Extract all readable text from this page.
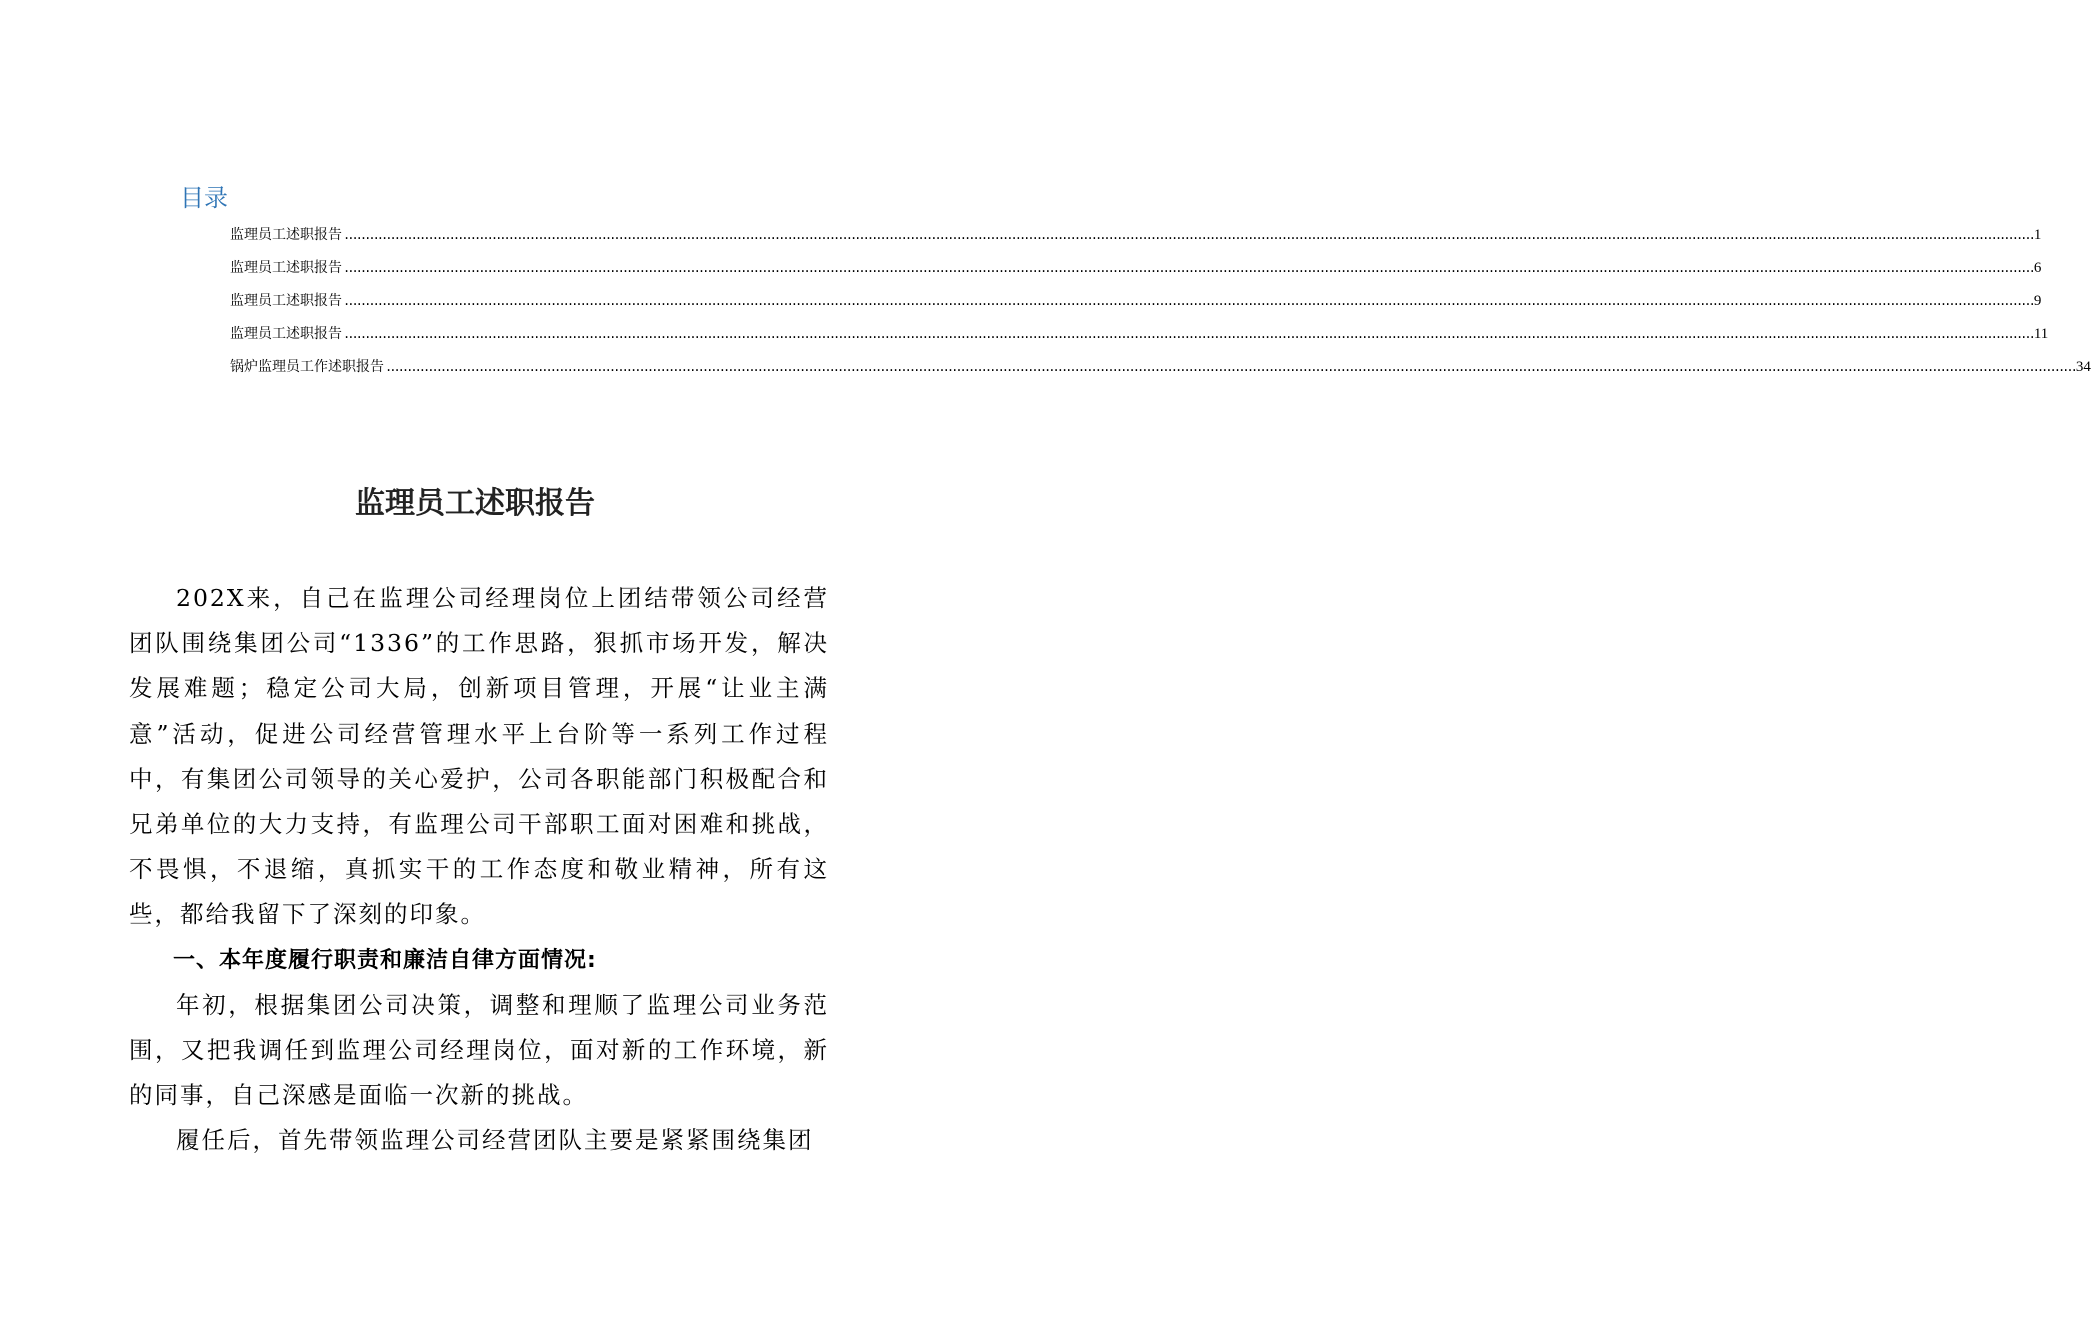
目录
监理员工述职报告 ................................................................................................................................................................................................................................................................................................................................................................................................................ 1
监理员工述职报告 ................................................................................................................................................................................................................................................................................................................................................................................................................ 6
监理员工述职报告 ................................................................................................................................................................................................................................................................................................................................................................................................................ 9
监理员工述职报告 ................................................................................................................................................................................................................................................................................................................................................................................................................ 11
锅炉监理员工作述职报告 ................................................................................................................................................................................................................................................................................................................................................................................................................ 34
监理员工述职报告

202X来，自己在监理公司经理岗位上团结带领公司经营团队围绕集团公司“1336”的工作思路，狠抓市场开发，解决发展难题；稳定公司大局，创新项目管理，开展“让业主满意”活动，促进公司经营管理水平上台阶等一系列工作过程中，有集团公司领导的关心爱护，公司各职能部门积极配合和兄弟单位的大力支持，有监理公司干部职工面对困难和挑战，不畏惧，不退缩，真抓实干的工作态度和敬业精神，所有这些，都给我留下了深刻的印象。

一、本年度履行职责和廉洁自律方面情况:

年初，根据集团公司决策，调整和理顺了监理公司业务范围，又把我调任到监理公司经理岗位，面对新的工作环境，新的同事，自己深感是面临一次新的挑战。

履任后，首先带领监理公司经营团队主要是紧紧围绕集团
